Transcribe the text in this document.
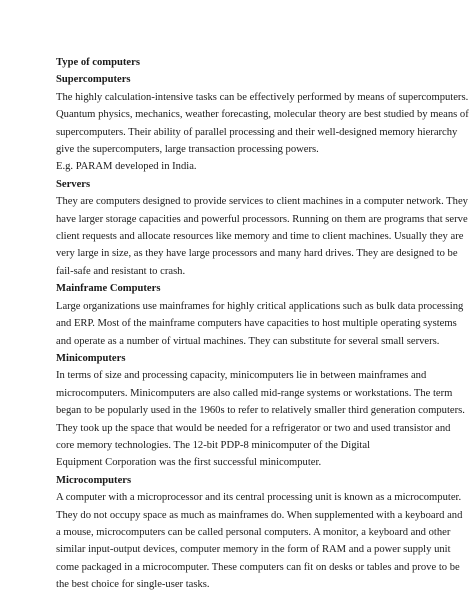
Type of computers

Supercomputers

The highly calculation-intensive tasks can be effectively performed by means of supercomputers.

Quantum physics, mechanics, weather forecasting, molecular theory are best studied by means of

supercomputers. Their ability of parallel processing and their well-designed memory hierarchy

give the supercomputers, large transaction processing powers.

E.g. PARAM developed in India.

Servers

They are computers designed to provide services to client machines in a computer network. They

have larger storage capacities and powerful processors. Running on them are programs that serve

client requests and allocate resources like memory and time to client machines. Usually they are

very large in size, as they have large processors and many hard drives. They are designed to be

fail-safe and resistant to crash.

Mainframe Computers

Large organizations use mainframes for highly critical applications such as bulk data processing

and ERP. Most of the mainframe computers have capacities to host multiple operating systems

and operate as a number of virtual machines. They can substitute for several small servers.

Minicomputers

In terms of size and processing capacity, minicomputers lie in between mainframes and

microcomputers. Minicomputers are also called mid-range systems or workstations. The term

began to be popularly used in the 1960s to refer to relatively smaller third generation computers.

They took up the space that would be needed for a refrigerator or two and used transistor and

core memory technologies. The 12-bit PDP-8 minicomputer of the Digital

Equipment Corporation was the first successful minicomputer.

Microcomputers

A computer with a microprocessor and its central processing unit is known as a microcomputer.

They do not occupy space as much as mainframes do. When supplemented with a keyboard and

a mouse, microcomputers can be called personal computers. A monitor, a keyboard and other

similar input-output devices, computer memory in the form of RAM and a power supply unit

come packaged in a microcomputer. These computers can fit on desks or tables and prove to be

the best choice for single-user tasks.
